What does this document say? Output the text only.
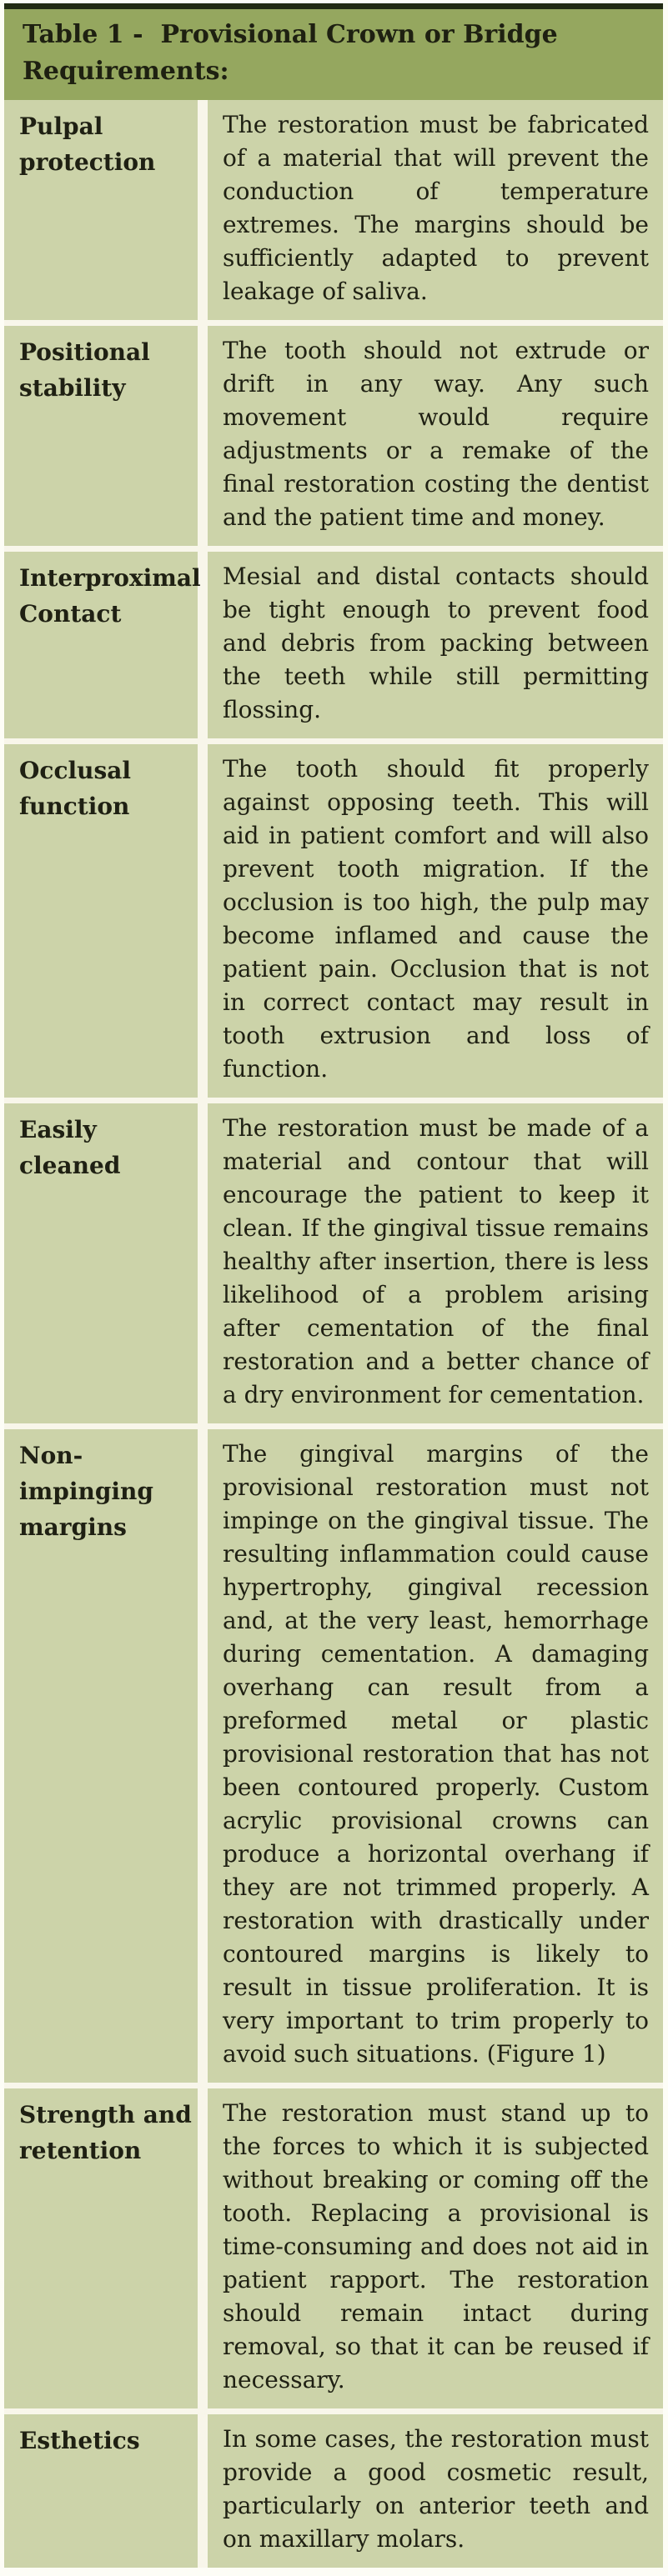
Table 1 -  Provisional Crown or Bridge Requirements:
Pulpal protection
The restoration must be fabricated of a material that will prevent the conduction of temperature extremes. The margins should be sufficiently adapted to prevent leakage of saliva.
Positional stability
The tooth should not extrude or drift in any way. Any such movement would require adjustments or a remake of the final restoration costing the dentist and the patient time and money.
Interproximal Contact
Mesial and distal contacts should be tight enough to prevent food and debris from packing between the teeth while still permitting flossing.
Occlusal function
The tooth should fit properly against opposing teeth. This will aid in patient comfort and will also prevent tooth migration. If the occlusion is too high, the pulp may become inflamed and cause the patient pain. Occlusion that is not in correct contact may result in tooth extrusion and loss of function.
Easily cleaned
The restoration must be made of a material and contour that will encourage the patient to keep it clean. If the gingival tissue remains healthy after insertion, there is less likelihood of a problem arising after cementation of the final restoration and a better chance of a dry environment for cementation.
Non-impinging margins
The gingival margins of the provisional restoration must not impinge on the gingival tissue. The resulting inflammation could cause hypertrophy, gingival recession and, at the very least, hemorrhage during cementation. A damaging overhang can result from a preformed metal or plastic provisional restoration that has not been contoured properly. Custom acrylic provisional crowns can produce a horizontal overhang if they are not trimmed properly. A restoration with drastically under contoured margins is likely to result in tissue proliferation. It is very important to trim properly to avoid such situations. (Figure 1)
Strength and retention
The restoration must stand up to the forces to which it is subjected without breaking or coming off the tooth. Replacing a provisional is time-consuming and does not aid in patient rapport. The restoration should remain intact during removal, so that it can be reused if necessary.
Esthetics	In some cases, the restoration must provide a good cosmetic result, particularly on anterior teeth and on maxillary molars.
